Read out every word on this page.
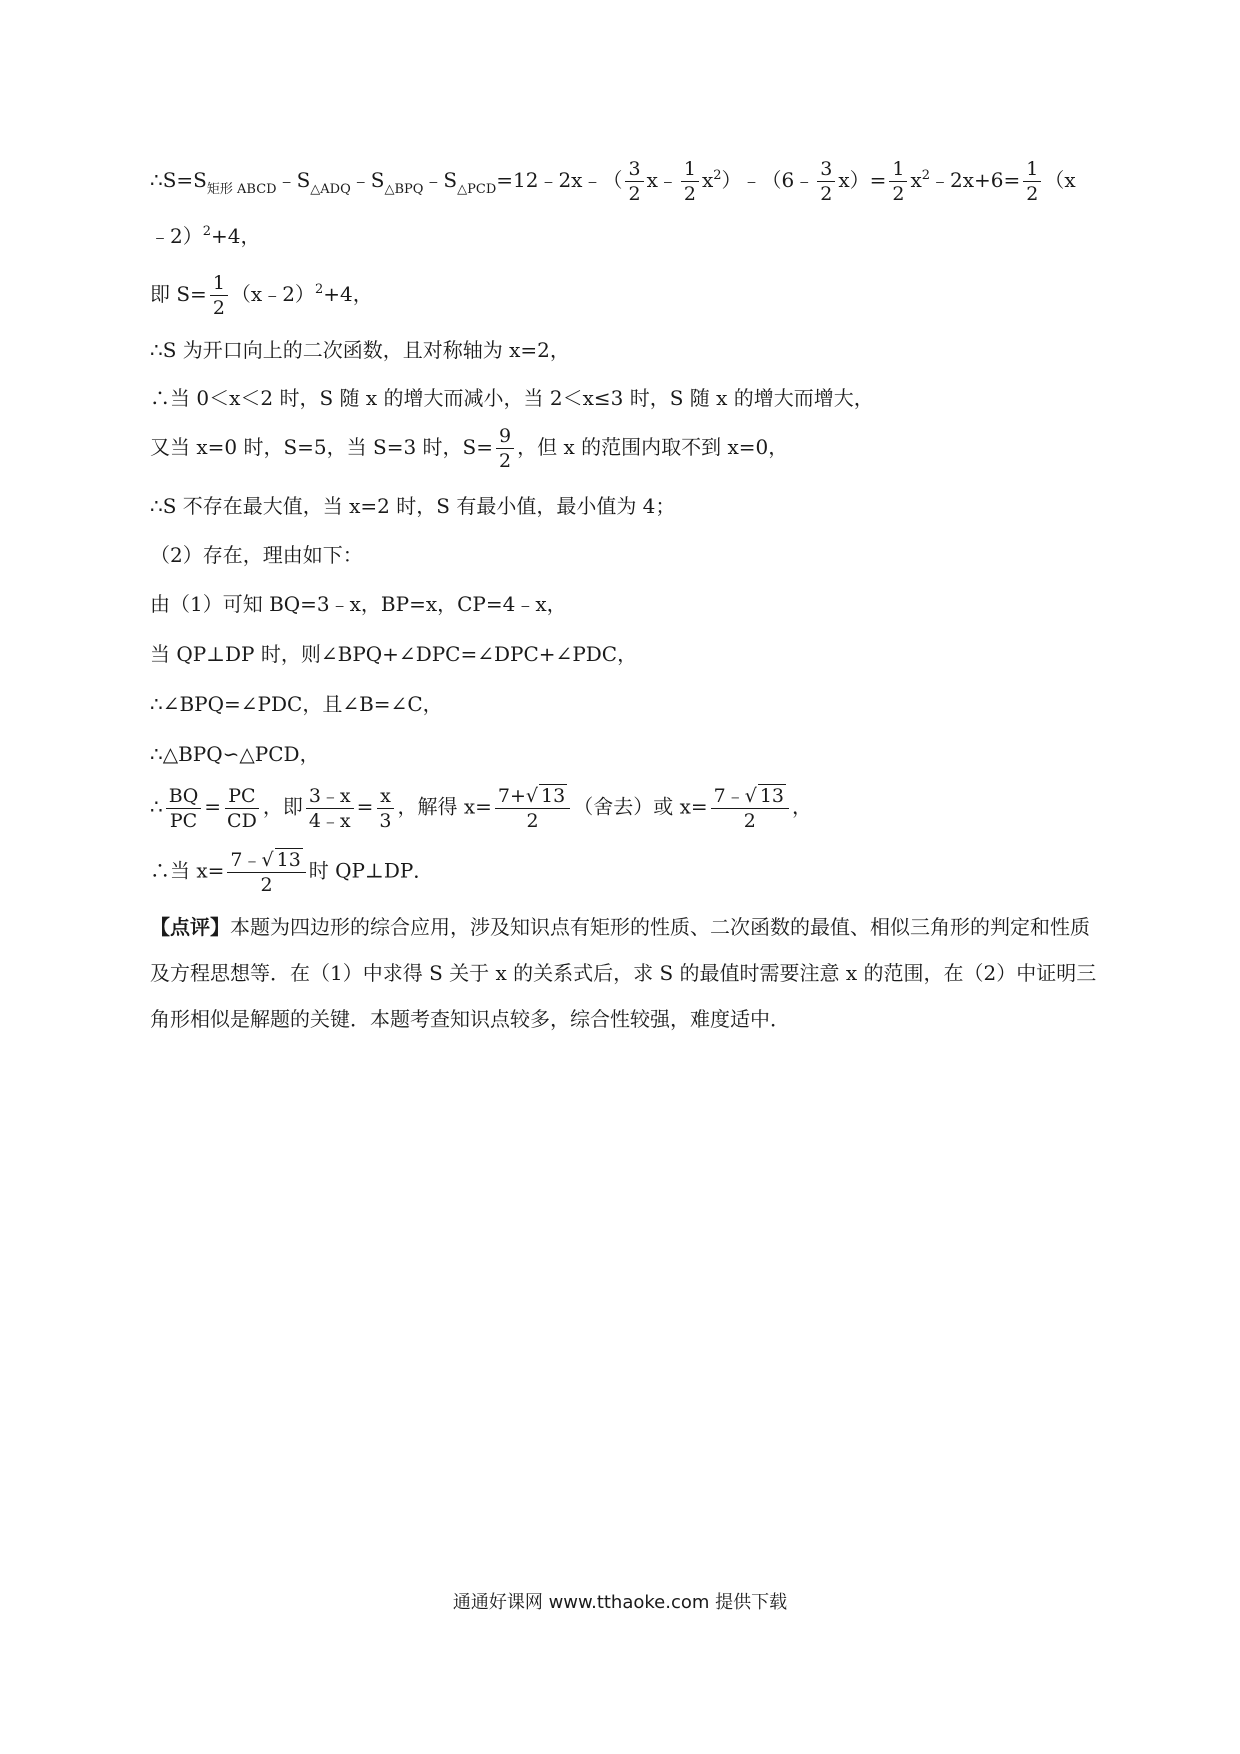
$\therefore S=S_{矩形 ABCD}﹣S_{\triangle ADQ}﹣S_{\triangle BPQ}﹣S_{\triangle PCD}=12﹣2x﹣( \frac{3}{2}$ x﹣ $\frac{1}{2}$ $x^2)﹣(6﹣ \frac{3}{2} x)= \frac{1}{2}$ $x^2﹣2x+6= \frac{1}{2} (x$
﹣2）$^2$+4，
即 $S= \frac{1}{2}$ （x﹣2）$^2$+4，
∴S 为开口向上的二次函数，且对称轴为 x=2，
∴当 0＜x＜2 时，S 随 x 的增大而减小，当 2＜x≤3 时，S 随 x 的增大而增大，
又当 x=0 时，S=5，当 S=3 时，$S= \frac{9}{2}$ ，但 x 的范围内取不到 x=0，
∴S 不存在最大值，当 x=2 时，S 有最小值，最小值为 4；
（2）存在，理由如下：
由（1）可知 BQ=3﹣x，BP=x，CP=4﹣x，
当 QP⊥DP 时，则∠BPQ+∠DPC=∠DPC+∠PDC，
∴∠BPQ=∠PDC，且∠B=∠C，
∴△BPQ∽△PCD，
∴ $\frac{BQ}{PC} = \frac{PC}{CD}$ ，即 $\frac{3﹣x}{4﹣x} = \frac{x}{3}$ ，解得 $x= \frac{7+√ 13}{2}$ （舍去）或 $x= \frac{7﹣√ 13}{2}$ ，
∴当 $x= \frac{7﹣√ 13}{2}$ 时 QP⊥DP．
【点评】本题为四边形的综合应用，涉及知识点有矩形的性质、二次函数的最值、相似三角形的判定和性质及方程思想等．在（1）中求得 S 关于 x 的关系式后，求 S 的最值时需要注意 x 的范围，在（2）中证明三角形相似是解题的关键．本题考查知识点较多，综合性较强，难度适中．
通通好课网 www.tthaoke.com 提供下载
